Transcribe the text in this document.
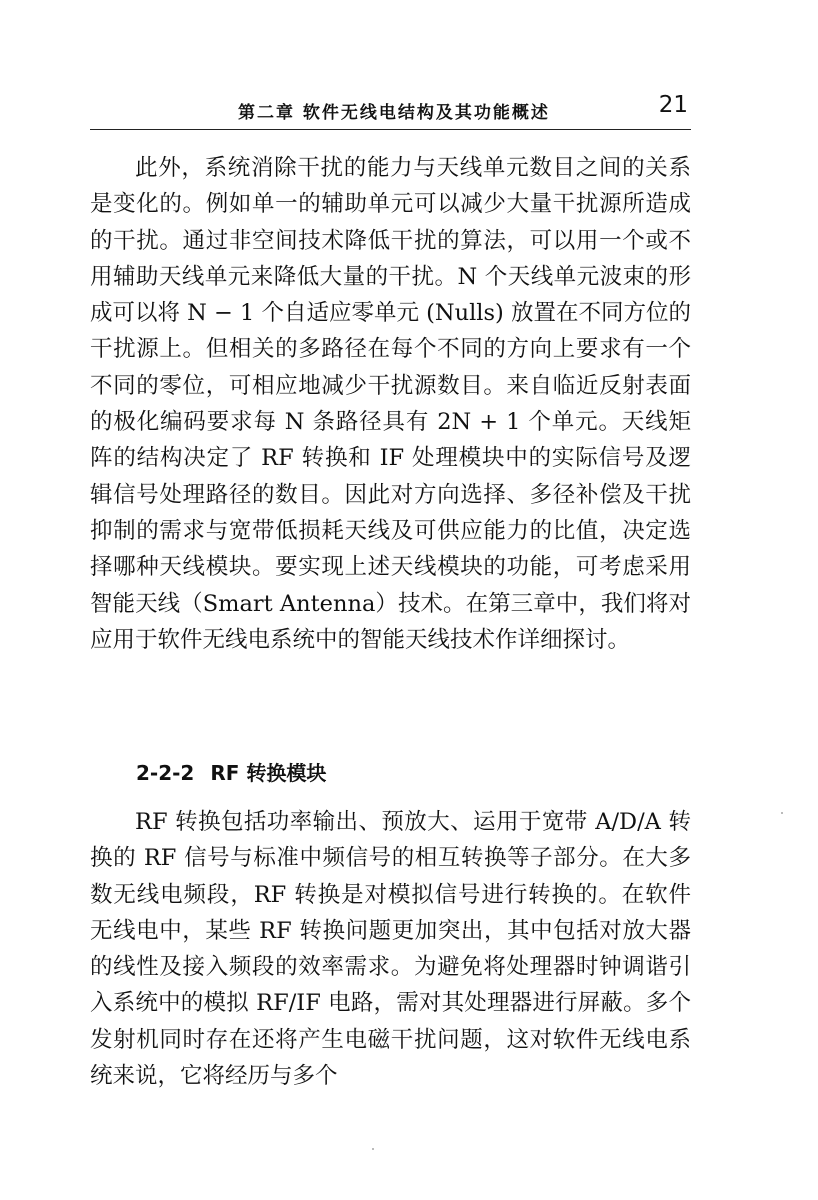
第二章 软件无线电结构及其功能概述	21

此外，系统消除干扰的能力与天线单元数目之间的关系是变化的。例如单一的辅助单元可以减少大量干扰源所造成的干扰。通过非空间技术降低干扰的算法，可以用一个或不用辅助天线单元来降低大量的干扰。N 个天线单元波束的形成可以将 N − 1 个自适应零单元 (Nulls) 放置在不同方位的干扰源上。但相关的多路径在每个不同的方向上要求有一个不同的零位，可相应地减少干扰源数目。来自临近反射表面的极化编码要求每 N 条路径具有 2N + 1 个单元。天线矩阵的结构决定了 RF 转换和 IF 处理模块中的实际信号及逻辑信号处理路径的数目。因此对方向选择、多径补偿及干扰抑制的需求与宽带低损耗天线及可供应能力的比值，决定选择哪种天线模块。要实现上述天线模块的功能，可考虑采用智能天线（Smart Antenna）技术。在第三章中，我们将对应用于软件无线电系统中的智能天线技术作详细探讨。

2-2-2 RF 转换模块

RF 转换包括功率输出、预放大、运用于宽带 A/D/A 转换的 RF 信号与标准中频信号的相互转换等子部分。在大多数无线电频段，RF 转换是对模拟信号进行转换的。在软件无线电中，某些 RF 转换问题更加突出，其中包括对放大器的线性及接入频段的效率需求。为避免将处理器时钟调谐引入系统中的模拟 RF/IF 电路，需对其处理器进行屏蔽。多个发射机同时存在还将产生电磁干扰问题，这对软件无线电系统来说，它将经历与多个
